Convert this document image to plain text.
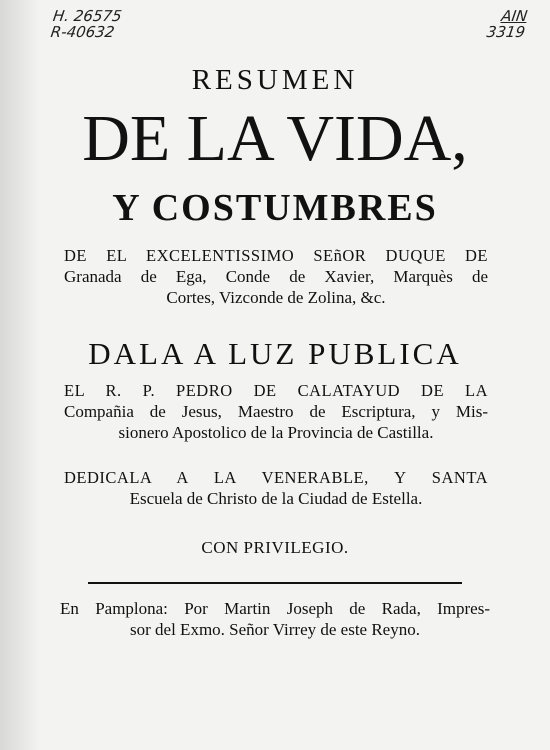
H. 26575
R-40632
AIN
3319
RESUMEN
DE LA VIDA,
Y COSTUMBRES
DE EL EXCELENTISSIMO SEñOR DUQUE DE
Granada de Ega, Conde de Xavier, Marquès de
Cortes, Vizconde de Zolina, &c.
DALA A LUZ PUBLICA
EL R. P. PEDRO DE CALATAYUD DE LA
Compañia de Jesus, Maestro de Escriptura, y Mis-
sionero Apostolico de la Provincia de Castilla.
DEDICALA A LA VENERABLE, Y SANTA
Escuela de Christo de la Ciudad de Estella.
CON PRIVILEGIO.
En Pamplona: Por Martin Joseph de Rada, Impres-
sor del Exmo. Señor Virrey de este Reyno.
